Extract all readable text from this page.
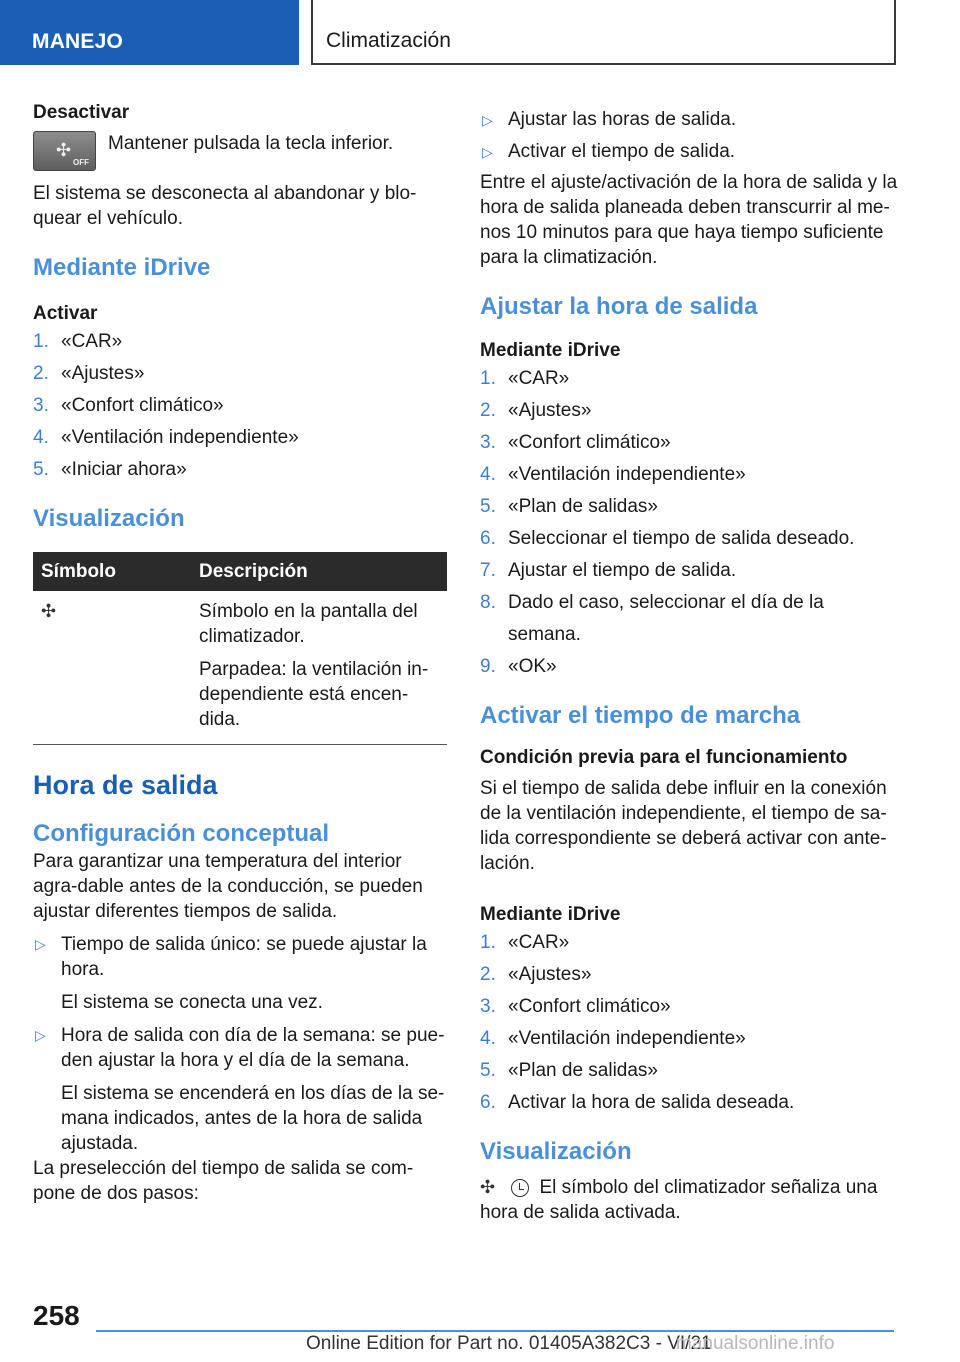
MANEJO	Climatización
Desactivar
✣
OFF
Mantener pulsada la tecla inferior.
El sistema se desconecta al abandonar y blo-quear el vehículo.
Mediante iDrive
Activar
1. «CAR»
2. «Ajustes»
3. «Confort climático»
4. «Ventilación independiente»
5. «Iniciar ahora»
Visualización
Símbolo	Descripción
✣	Símbolo en la pantalla del climatizador.
Parpadea: la ventilación in-dependiente está encen-dida.
Hora de salida
Configuración conceptual
Para garantizar una temperatura del interior agra-dable antes de la conducción, se pueden ajustar diferentes tiempos de salida.
▷ Tiempo de salida único: se puede ajustar la hora.
El sistema se conecta una vez.
▷ Hora de salida con día de la semana: se pue-den ajustar la hora y el día de la semana.
El sistema se encenderá en los días de la se-mana indicados, antes de la hora de salida ajustada.
La preselección del tiempo de salida se com-pone de dos pasos:
▷ Ajustar las horas de salida.
▷ Activar el tiempo de salida.
Entre el ajuste/activación de la hora de salida y la hora de salida planeada deben transcurrir al me-nos 10 minutos para que haya tiempo suficiente para la climatización.
Ajustar la hora de salida
Mediante iDrive
1. «CAR»
2. «Ajustes»
3. «Confort climático»
4. «Ventilación independiente»
5. «Plan de salidas»
6. Seleccionar el tiempo de salida deseado.
7. Ajustar el tiempo de salida.
8. Dado el caso, seleccionar el día de la semana.
9. «OK»
Activar el tiempo de marcha
Condición previa para el funcionamiento
Si el tiempo de salida debe influir en la conexión de la ventilación independiente, el tiempo de sa-lida correspondiente se deberá activar con ante-lación.
Mediante iDrive
1. «CAR»
2. «Ajustes»
3. «Confort climático»
4. «Ventilación independiente»
5. «Plan de salidas»
6. Activar la hora de salida deseada.
Visualización
✣ El símbolo del climatizador señaliza una hora de salida activada.
258
Online Edition for Part no. 01405A382C3 - VI/21
manualsonline.info
